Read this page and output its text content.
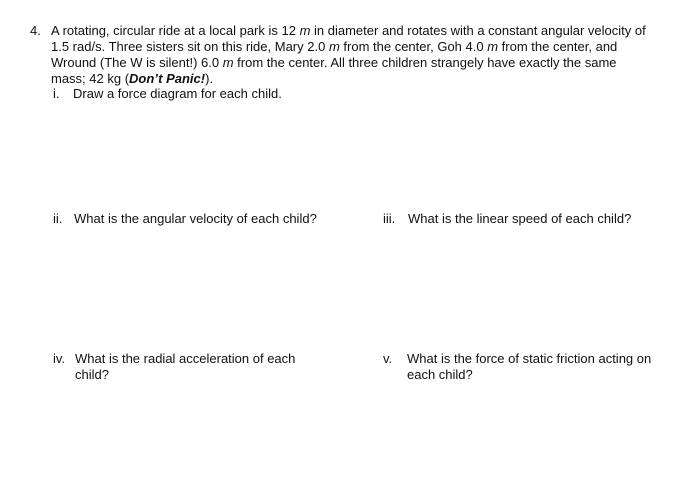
4. A rotating, circular ride at a local park is 12 m in diameter and rotates with a constant angular velocity of 1.5 rad/s. Three sisters sit on this ride, Mary 2.0 m from the center, Goh 4.0 m from the center, and Wround (The W is silent!) 6.0 m from the center. All three children strangely have exactly the same mass; 42 kg (Don’t Panic!).

i.	Draw a force diagram for each child.
ii. What is the angular velocity of each child?	iii. What is the linear speed of each child?
iv. What is the radial acceleration of each child?
v.	What is the force of static friction acting on each child?
